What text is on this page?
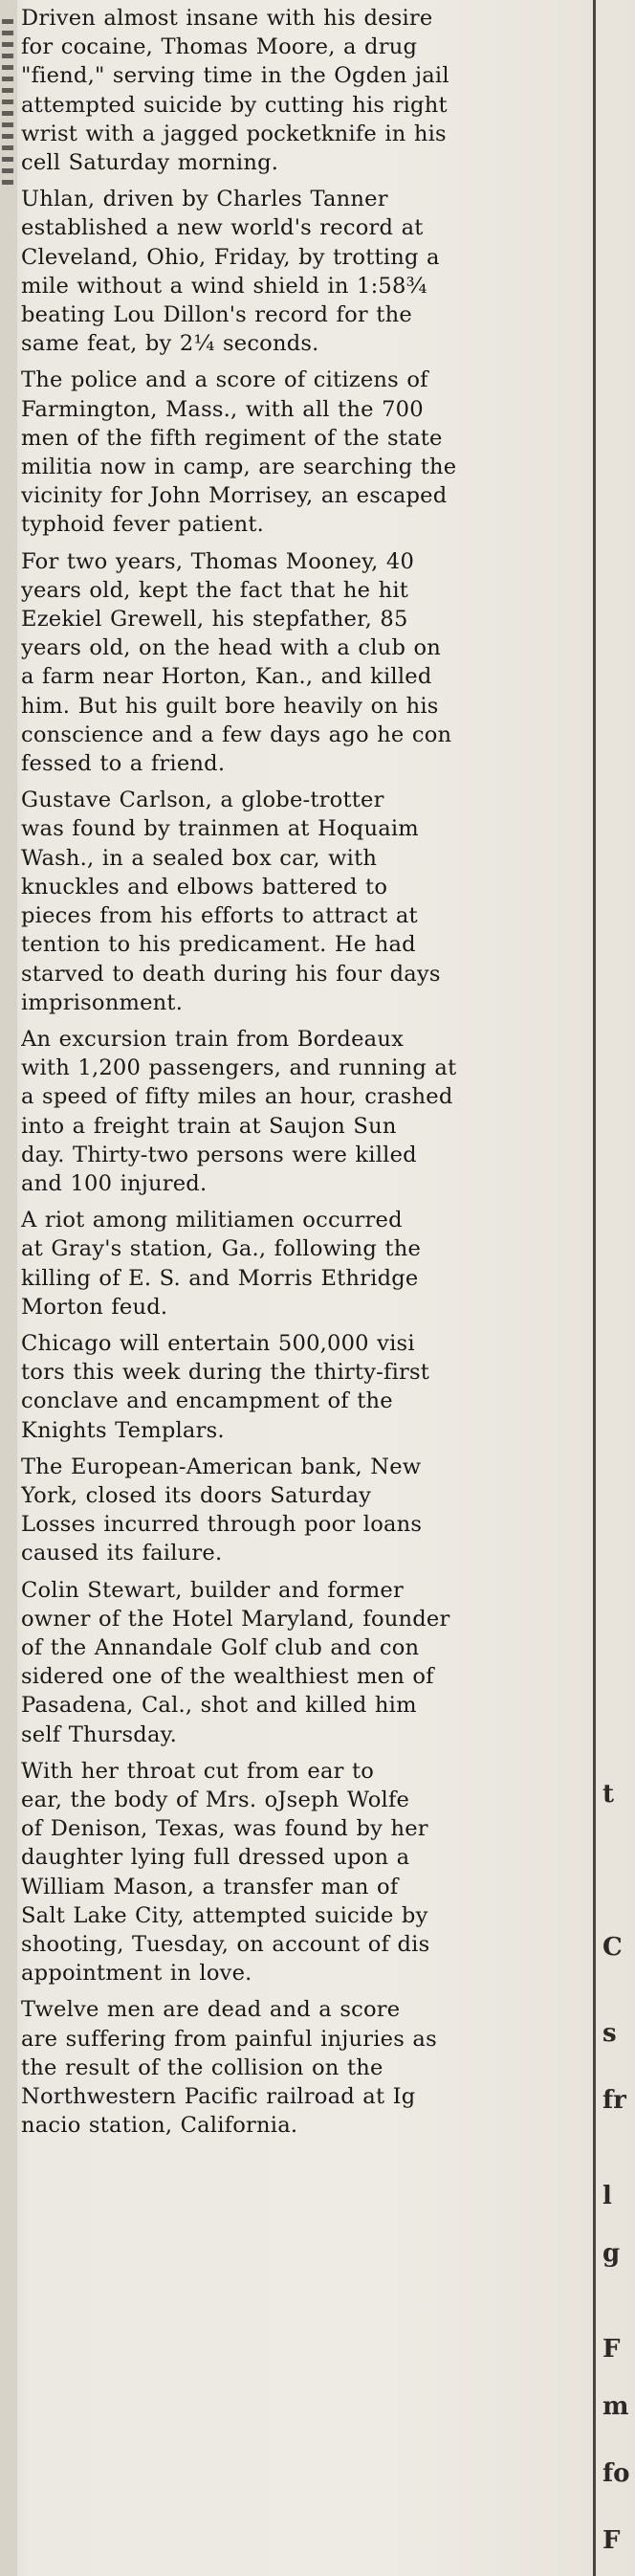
Driven almost insane with his desire
for cocaine, Thomas Moore, a drug
"fiend," serving time in the Ogden jail
attempted suicide by cutting his right
wrist with a jagged pocketknife in his
cell Saturday morning.

Uhlan, driven by Charles Tanner
established a new world's record at
Cleveland, Ohio, Friday, by trotting a
mile without a wind shield in 1:58¾
beating Lou Dillon's record for the
same feat, by 2¼ seconds.

The police and a score of citizens of
Farmington, Mass., with all the 700
men of the fifth regiment of the state
militia now in camp, are searching the
vicinity for John Morrisey, an escaped
typhoid fever patient.

For two years, Thomas Mooney, 40
years old, kept the fact that he hit
Ezekiel Grewell, his stepfather, 85
years old, on the head with a club on
a farm near Horton, Kan., and killed
him. But his guilt bore heavily on his
conscience and a few days ago he con
fessed to a friend.

Gustave Carlson, a globe-trotter
was found by trainmen at Hoquaim
Wash., in a sealed box car, with
knuckles and elbows battered to
pieces from his efforts to attract at
tention to his predicament. He had
starved to death during his four days
imprisonment.

An excursion train from Bordeaux
with 1,200 passengers, and running at
a speed of fifty miles an hour, crashed
into a freight train at Saujon Sun
day. Thirty-two persons were killed
and 100 injured.

A riot among militiamen occurred
at Gray's station, Ga., following the
killing of E. S. and Morris Ethridge
Morton feud.

Chicago will entertain 500,000 visi
tors this week during the thirty-first
conclave and encampment of the
Knights Templars.

The European-American bank, New
York, closed its doors Saturday
Losses incurred through poor loans
caused its failure.

Colin Stewart, builder and former
owner of the Hotel Maryland, founder
of the Annandale Golf club and con
sidered one of the wealthiest men of
Pasadena, Cal., shot and killed him
self Thursday.

With her throat cut from ear to
ear, the body of Mrs. oJseph Wolfe
of Denison, Texas, was found by her
daughter lying full dressed upon a
William Mason, a transfer man of
Salt Lake City, attempted suicide by
shooting, Tuesday, on account of dis
appointment in love.

Twelve men are dead and a score
are suffering from painful injuries as
the result of the collision on the
Northwestern Pacific railroad at Ig
nacio station, California.

t
C
s
fr
l
g
F
m
fo
F
